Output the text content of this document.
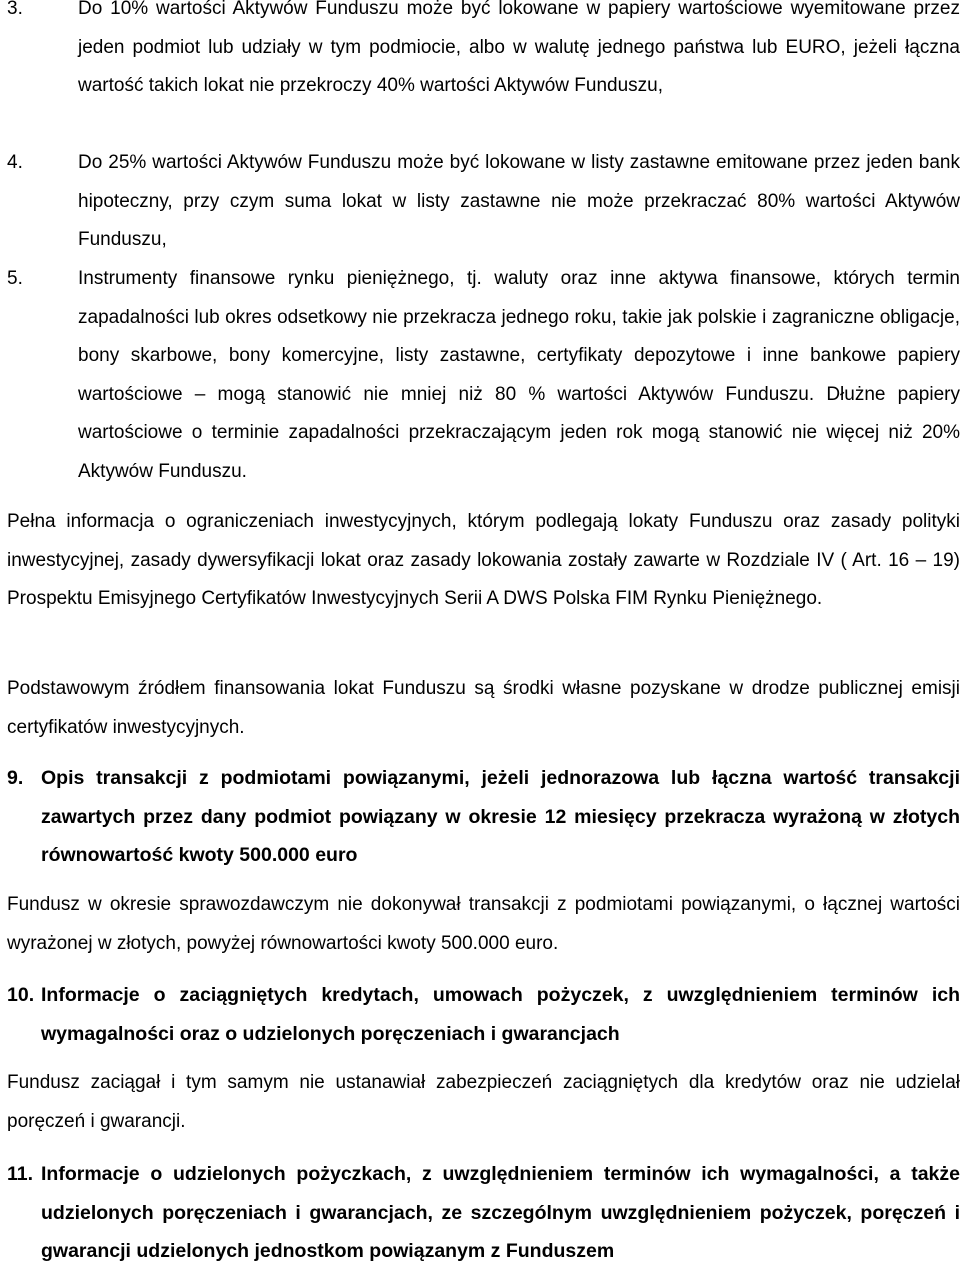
3.	Do 10% wartości Aktywów Funduszu może być lokowane w papiery wartościowe wyemitowane przez jeden podmiot lub udziały w tym podmiocie, albo w walutę jednego państwa lub EURO, jeżeli łączna wartość takich lokat nie przekroczy 40% wartości Aktywów Funduszu,
4.	Do 25% wartości Aktywów Funduszu może być lokowane w listy zastawne emitowane przez jeden bank hipoteczny, przy czym suma lokat w listy zastawne nie może przekraczać 80% wartości Aktywów Funduszu,
5.	Instrumenty finansowe rynku pieniężnego, tj. waluty oraz inne aktywa finansowe, których termin zapadalności lub okres odsetkowy nie przekracza jednego roku, takie jak polskie i zagraniczne obligacje, bony skarbowe, bony komercyjne, listy zastawne, certyfikaty depozytowe i inne bankowe papiery wartościowe – mogą stanowić nie mniej niż 80 % wartości Aktywów Funduszu. Dłużne papiery wartościowe o terminie zapadalności przekraczającym jeden rok mogą stanowić nie więcej niż 20% Aktywów Funduszu.
Pełna informacja o ograniczeniach inwestycyjnych, którym podlegają lokaty Funduszu oraz zasady polityki inwestycyjnej, zasady dywersyfikacji lokat oraz zasady lokowania zostały zawarte w Rozdziale IV ( Art. 16 – 19) Prospektu Emisyjnego Certyfikatów Inwestycyjnych Serii A DWS Polska FIM Rynku Pieniężnego.
Podstawowym źródłem finansowania lokat Funduszu są środki własne pozyskane w drodze publicznej emisji certyfikatów inwestycyjnych.
9. Opis transakcji z podmiotami powiązanymi, jeżeli jednorazowa lub łączna wartość transakcji zawartych przez dany podmiot powiązany w okresie 12 miesięcy przekracza wyrażoną w złotych równowartość kwoty 500.000 euro
Fundusz w okresie sprawozdawczym nie dokonywał transakcji z podmiotami powiązanymi, o łącznej wartości wyrażonej w złotych, powyżej równowartości kwoty 500.000 euro.
10. Informacje o zaciągniętych kredytach, umowach pożyczek, z uwzględnieniem terminów ich wymagalności oraz o udzielonych poręczeniach i gwarancjach
Fundusz zaciągał i tym samym nie ustanawiał zabezpieczeń zaciągniętych dla kredytów oraz nie udzielał poręczeń i gwarancji.
11. Informacje o udzielonych pożyczkach, z uwzględnieniem terminów ich wymagalności, a także udzielonych poręczeniach i gwarancjach, ze szczególnym uwzględnieniem pożyczek, poręczeń i gwarancji udzielonych jednostkom powiązanym z Funduszem
